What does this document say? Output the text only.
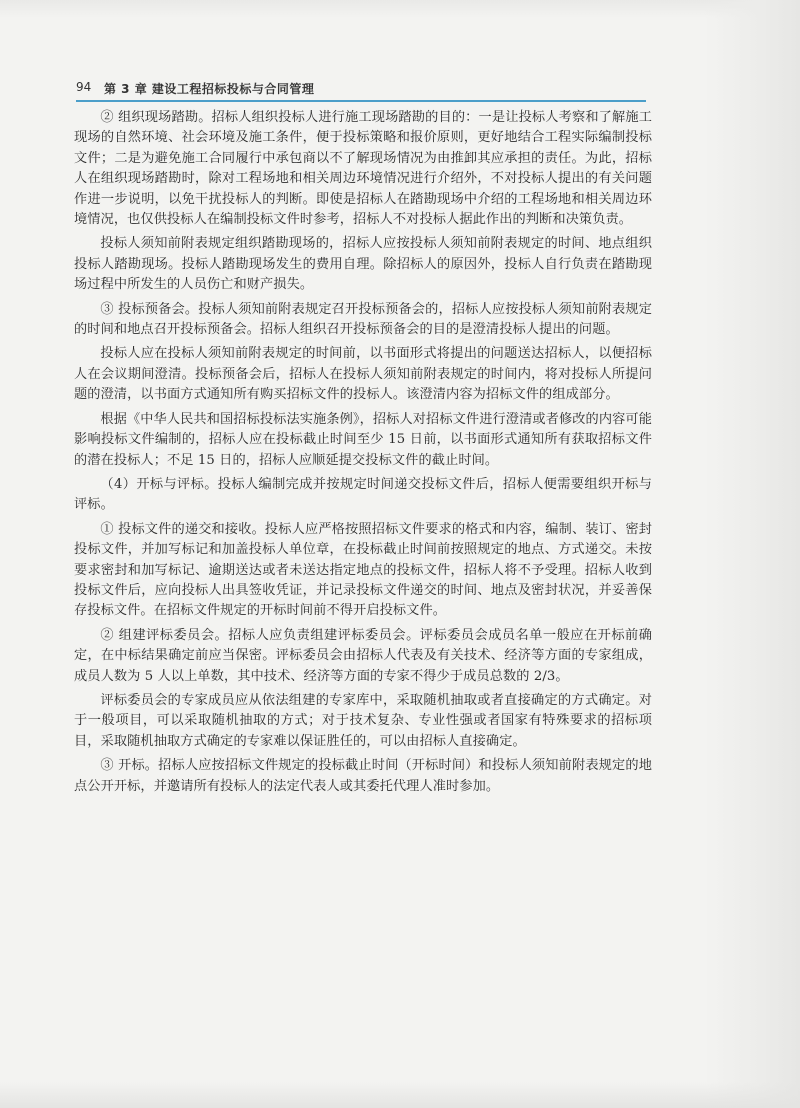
94 第 3 章 建设工程招标投标与合同管理

② 组织现场踏勘。招标人组织投标人进行施工现场踏勘的目的：一是让投标人考察和了解施工现场的自然环境、社会环境及施工条件，便于投标策略和报价原则，更好地结合工程实际编制投标文件；二是为避免施工合同履行中承包商以不了解现场情况为由推卸其应承担的责任。为此，招标人在组织现场踏勘时，除对工程场地和相关周边环境情况进行介绍外，不对投标人提出的有关问题作进一步说明，以免干扰投标人的判断。即使是招标人在踏勘现场中介绍的工程场地和相关周边环境情况，也仅供投标人在编制投标文件时参考，招标人不对投标人据此作出的判断和决策负责。

投标人须知前附表规定组织踏勘现场的，招标人应按投标人须知前附表规定的时间、地点组织投标人踏勘现场。投标人踏勘现场发生的费用自理。除招标人的原因外，投标人自行负责在踏勘现场过程中所发生的人员伤亡和财产损失。

③ 投标预备会。投标人须知前附表规定召开投标预备会的，招标人应按投标人须知前附表规定的时间和地点召开投标预备会。招标人组织召开投标预备会的目的是澄清投标人提出的问题。

投标人应在投标人须知前附表规定的时间前，以书面形式将提出的问题送达招标人，以便招标人在会议期间澄清。投标预备会后，招标人在投标人须知前附表规定的时间内，将对投标人所提问题的澄清，以书面方式通知所有购买招标文件的投标人。该澄清内容为招标文件的组成部分。

根据《中华人民共和国招标投标法实施条例》，招标人对招标文件进行澄清或者修改的内容可能影响投标文件编制的，招标人应在投标截止时间至少 15 日前，以书面形式通知所有获取招标文件的潜在投标人；不足 15 日的，招标人应顺延提交投标文件的截止时间。

（4）开标与评标。投标人编制完成并按规定时间递交投标文件后，招标人便需要组织开标与评标。

① 投标文件的递交和接收。投标人应严格按照招标文件要求的格式和内容，编制、装订、密封投标文件，并加写标记和加盖投标人单位章，在投标截止时间前按照规定的地点、方式递交。未按要求密封和加写标记、逾期送达或者未送达指定地点的投标文件，招标人将不予受理。招标人收到投标文件后，应向投标人出具签收凭证，并记录投标文件递交的时间、地点及密封状况，并妥善保存投标文件。在招标文件规定的开标时间前不得开启投标文件。

② 组建评标委员会。招标人应负责组建评标委员会。评标委员会成员名单一般应在开标前确定，在中标结果确定前应当保密。评标委员会由招标人代表及有关技术、经济等方面的专家组成，成员人数为 5 人以上单数，其中技术、经济等方面的专家不得少于成员总数的 2/3。

评标委员会的专家成员应从依法组建的专家库中，采取随机抽取或者直接确定的方式确定。对于一般项目，可以采取随机抽取的方式；对于技术复杂、专业性强或者国家有特殊要求的招标项目，采取随机抽取方式确定的专家难以保证胜任的，可以由招标人直接确定。

③ 开标。招标人应按招标文件规定的投标截止时间（开标时间）和投标人须知前附表规定的地点公开开标，并邀请所有投标人的法定代表人或其委托代理人准时参加。
